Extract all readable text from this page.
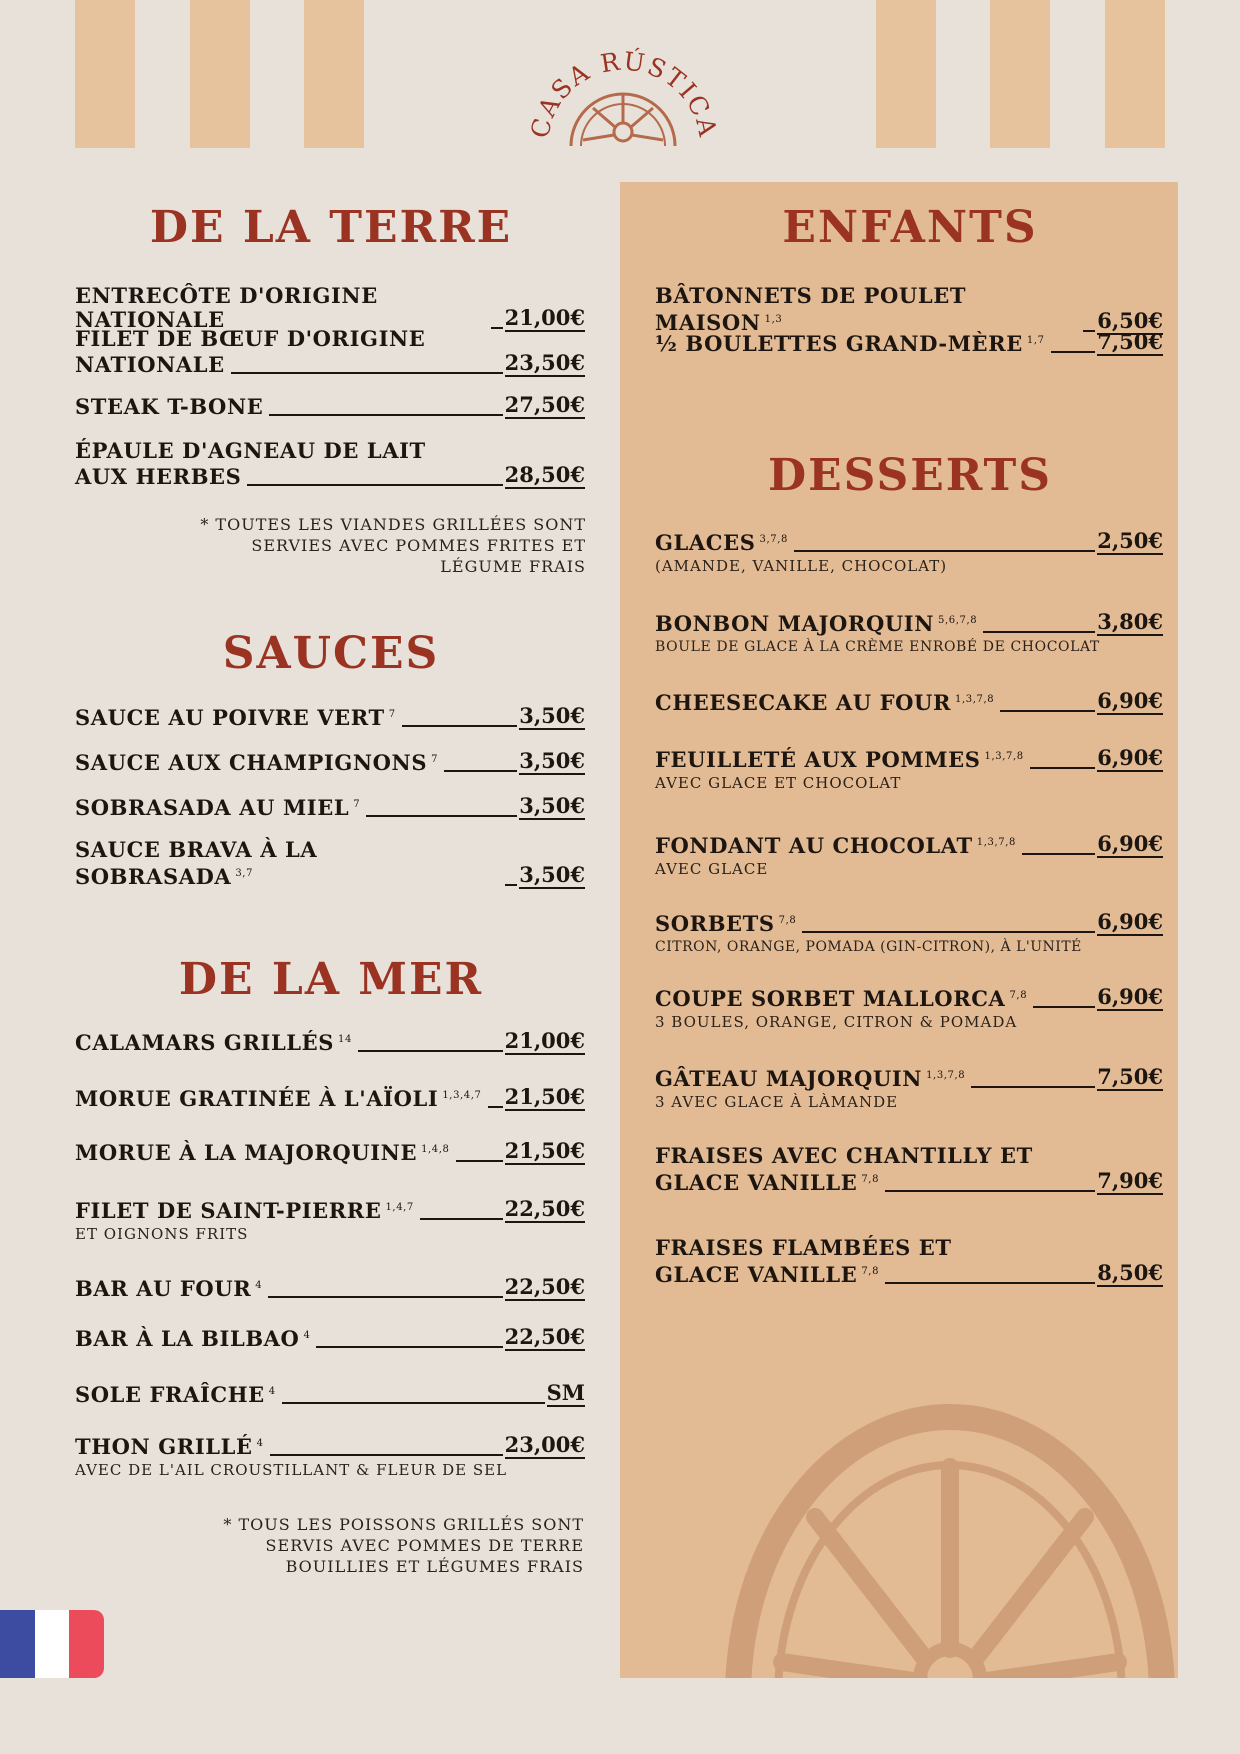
CASA RÚSTICA
DE LA TERRE
ENTRECÔTE D'ORIGINE NATIONALE	21,00€
FILET DE BŒUF D'ORIGINE
NATIONALE	23,50€
STEAK T-BONE	27,50€
ÉPAULE D'AGNEAU DE LAIT
AUX HERBES	28,50€
* TOUTES LES VIANDES GRILLÉES SONT
SERVIES AVEC POMMES FRITES ET
LÉGUME FRAIS
SAUCES
SAUCE AU POIVRE VERT $^7$	3,50€
SAUCE AUX CHAMPIGNONS $^7$	3,50€
SOBRASADA AU MIEL $^7$	3,50€
SAUCE BRAVA À LA SOBRASADA $^{3,7}$	3,50€
DE LA MER
CALAMARS GRILLÉS $^{14}$	21,00€
MORUE GRATINÉE À L'AÏOLI $^{1,3,4,7}$ 21,50€
MORUE À LA MAJORQUINE $^{1,4,8}$	21,50€
FILET DE SAINT-PIERRE $^{1,4,7}$	22,50€
ET OIGNONS FRITS
BAR AU FOUR $^4$	22,50€
BAR À LA BILBAO $^4$	22,50€
SOLE FRAÎCHE $^4$	SM
THON GRILLÉ $^4$	23,00€
AVEC DE L'AIL CROUSTILLANT & FLEUR DE SEL
* TOUS LES POISSONS GRILLÉS SONT
SERVIS AVEC POMMES DE TERRE
BOUILLIES ET LÉGUMES FRAIS
ENFANTS
BÂTONNETS DE POULET MAISON $^{1,3}$	6,50€
½ BOULETTES GRAND-MÈRE $^{1,7}$	7,50€
DESSERTS
GLACES $^{3,7,8}$	2,50€
(AMANDE, VANILLE, CHOCOLAT)
BONBON MAJORQUIN $^{5,6,7,8}$	3,80€
BOULE DE GLACE À LA CRÈME ENROBÉ DE CHOCOLAT
CHEESECAKE AU FOUR $^{1,3,7,8}$	6,90€
FEUILLETÉ AUX POMMES $^{1,3,7,8}$	6,90€
AVEC GLACE ET CHOCOLAT
FONDANT AU CHOCOLAT $^{1,3,7,8}$	6,90€
AVEC GLACE
SORBETS $^{7,8}$	6,90€
CITRON, ORANGE, POMADA (GIN-CITRON), À L'UNITÉ
COUPE SORBET MALLORCA $^{7,8}$	6,90€
3 BOULES, ORANGE, CITRON & POMADA
GÂTEAU MAJORQUIN $^{1,3,7,8}$	7,50€
3 AVEC GLACE À LÀMANDE
FRAISES AVEC CHANTILLY ET
GLACE VANILLE $^{7,8}$	7,90€
FRAISES FLAMBÉES ET
GLACE VANILLE $^{7,8}$	8,50€
